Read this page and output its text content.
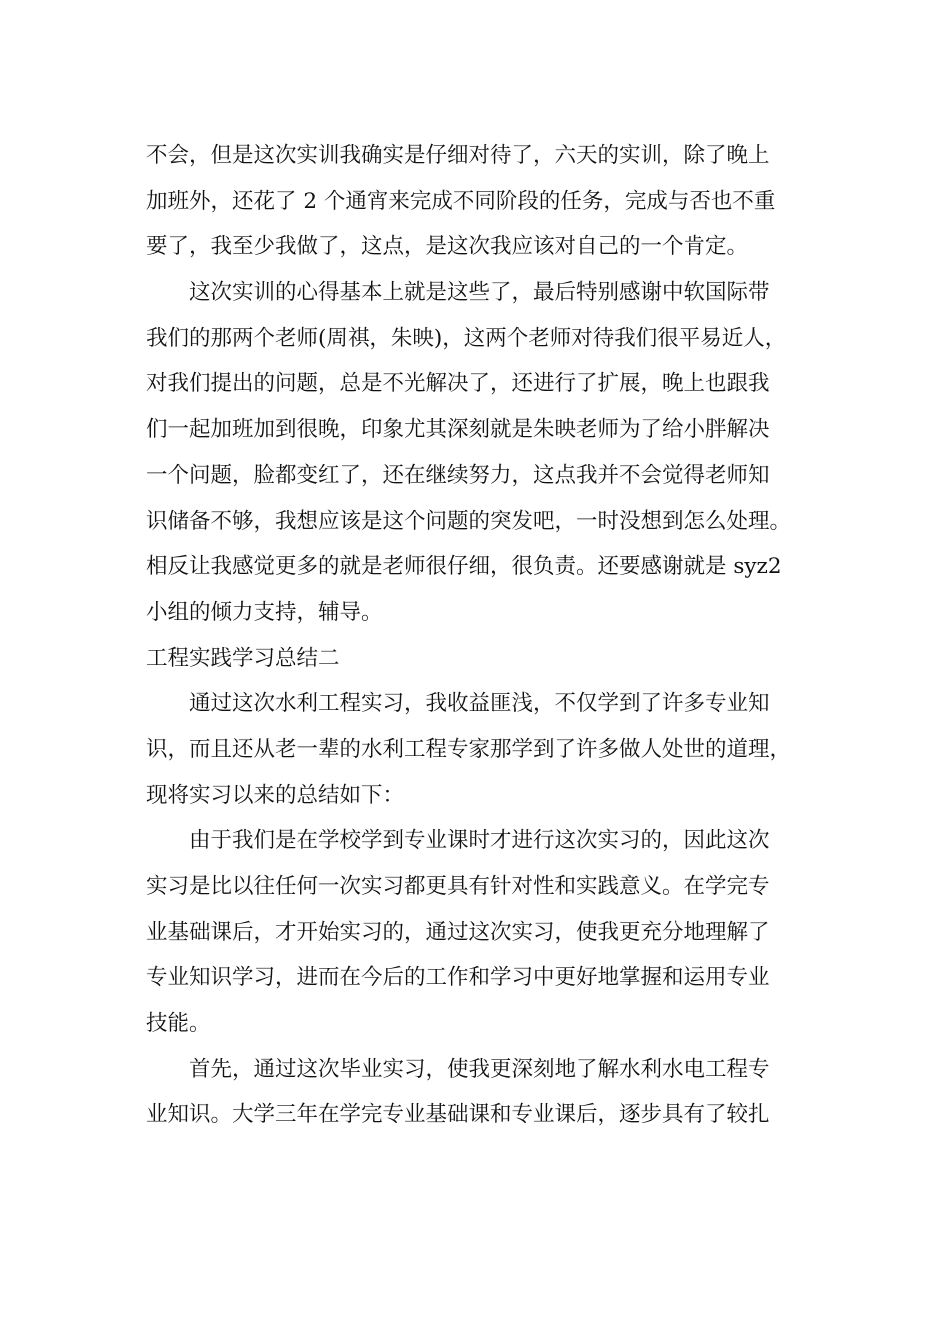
不会，但是这次实训我确实是仔细对待了，六天的实训，除了晚上
加班外，还花了 2 个通宵来完成不同阶段的任务，完成与否也不重
要了，我至少我做了，这点，是这次我应该对自己的一个肯定。
这次实训的心得基本上就是这些了，最后特别感谢中软国际带
我们的那两个老师(周祺，朱映)，这两个老师对待我们很平易近人，
对我们提出的问题，总是不光解决了，还进行了扩展，晚上也跟我
们一起加班加到很晚，印象尤其深刻就是朱映老师为了给小胖解决
一个问题，脸都变红了，还在继续努力，这点我并不会觉得老师知
识储备不够，我想应该是这个问题的突发吧，一时没想到怎么处理。
相反让我感觉更多的就是老师很仔细，很负责。还要感谢就是 syz2
小组的倾力支持，辅导。
工程实践学习总结二
通过这次水利工程实习，我收益匪浅，不仅学到了许多专业知
识，而且还从老一辈的水利工程专家那学到了许多做人处世的道理，
现将实习以来的总结如下：
由于我们是在学校学到专业课时才进行这次实习的，因此这次
实习是比以往任何一次实习都更具有针对性和实践意义。在学完专
业基础课后，才开始实习的，通过这次实习，使我更充分地理解了
专业知识学习，进而在今后的工作和学习中更好地掌握和运用专业
技能。
首先，通过这次毕业实习，使我更深刻地了解水利水电工程专
业知识。大学三年在学完专业基础课和专业课后，逐步具有了较扎
